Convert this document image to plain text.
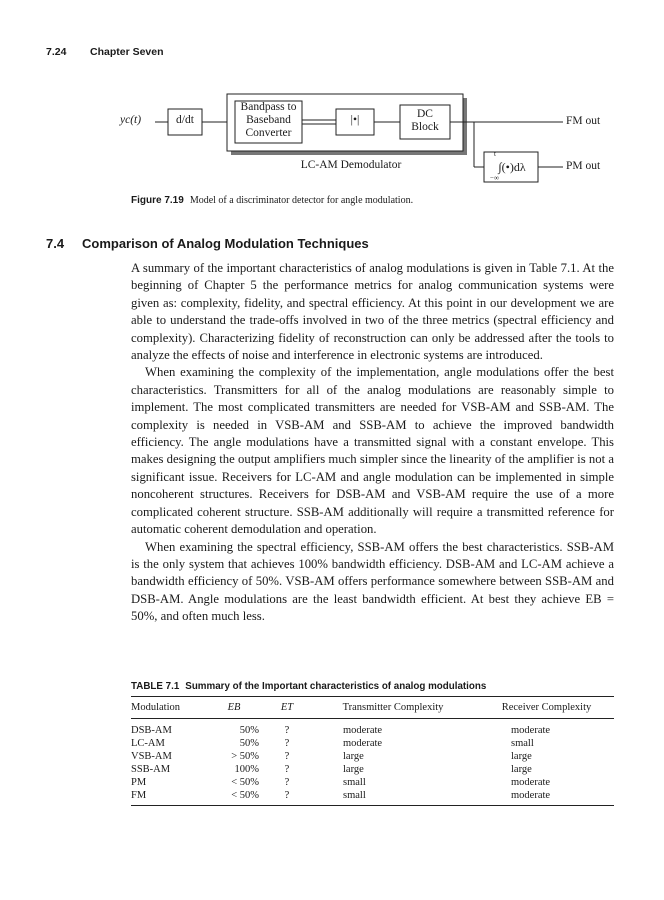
7.24 Chapter Seven
yc(t)	d/dt
Bandpass to
Baseband
Converter
|•|	DC
Block	FM out
LC-AM Demodulator
t
−∞
∫(•)dλ	PM out
Figure 7.19 Model of a discriminator detector for angle modulation.
7.4 Comparison of Analog Modulation Techniques

A summary of the important characteristics of analog modulations is given in Table 7.1. At the beginning of Chapter 5 the performance metrics for analog communication systems were given as: complexity, fidelity, and spectral efficiency. At this point in our development we are able to understand the trade-offs involved in two of the three metrics (spectral efficiency and complexity). Characterizing fidelity of reconstruction can only be addressed after the tools to analyze the effects of noise and interference in electronic systems are introduced.

When examining the complexity of the implementation, angle modulations offer the best characteristics. Transmitters for all of the analog modulations are reasonably simple to implement. The most complicated transmitters are needed for VSB-AM and SSB-AM. The complexity is needed in VSB-AM and SSB-AM to achieve the improved bandwidth efficiency. The angle modulations have a transmitted signal with a constant envelope. This makes designing the output amplifiers much simpler since the linearity of the amplifier is not a significant issue. Receivers for LC-AM and angle modulation can be implemented in simple noncoherent structures. Receivers for DSB-AM and VSB-AM require the use of a more complicated coherent structure. SSB-AM additionally will require a transmitted reference for automatic coherent demodulation and operation.

When examining the spectral efficiency, SSB-AM offers the best characteristics. SSB-AM is the only system that achieves 100% bandwidth efficiency. DSB-AM and LC-AM achieve a bandwidth efficiency of 50%. VSB-AM offers performance somewhere between SSB-AM and DSB-AM. Angle modulations are the least bandwidth efficient. At best they achieve EB = 50%, and often much less.

TABLE 7.1 Summary of the Important characteristics of analog modulations
Modulation	EB	ET	Transmitter Complexity	Receiver Complexity
DSB-AM	50%	?	moderate	moderate
LC-AM	50%	?	moderate	small
VSB-AM	> 50%	?	large	large
SSB-AM	100%	?	large	large
PM	< 50%	?	small	moderate
FM	< 50%	?	small	moderate
